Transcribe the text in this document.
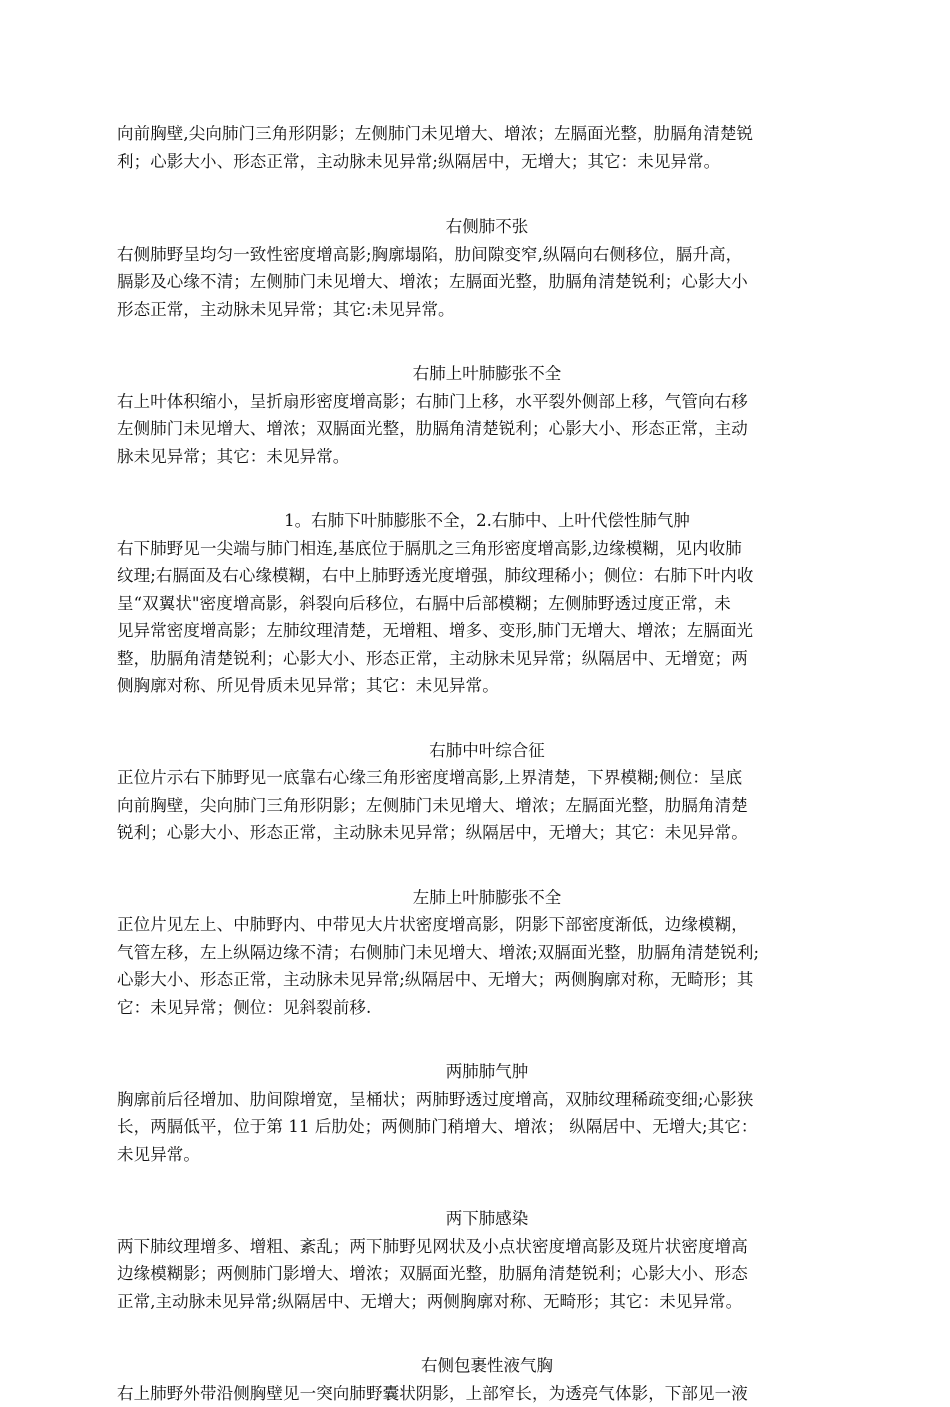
向前胸壁,尖向肺门三角形阴影；左侧肺门未见增大、增浓；左膈面光整，肋膈角清楚锐
利；心影大小、形态正常，主动脉未见异常;纵隔居中，无增大；其它：未见异常。
右侧肺不张
右侧肺野呈均匀一致性密度增高影;胸廓塌陷，肋间隙变窄,纵隔向右侧移位，膈升高，
膈影及心缘不清；左侧肺门未见增大、增浓；左膈面光整，肋膈角清楚锐利；心影大小
形态正常，主动脉未见异常；其它:未见异常。
右肺上叶肺膨张不全
右上叶体积缩小，呈折扇形密度增高影；右肺门上移，水平裂外侧部上移，气管向右移
左侧肺门未见增大、增浓；双膈面光整，肋膈角清楚锐利；心影大小、形态正常，主动
脉未见异常；其它：未见异常。
1。右肺下叶肺膨胀不全，2.右肺中、上叶代偿性肺气肿
右下肺野见一尖端与肺门相连,基底位于膈肌之三角形密度增高影,边缘模糊，见内收肺
纹理;右膈面及右心缘模糊，右中上肺野透光度增强，肺纹理稀小；侧位：右肺下叶内收
呈“双翼状"密度增高影，斜裂向后移位，右膈中后部模糊；左侧肺野透过度正常，未
见异常密度增高影；左肺纹理清楚，无增粗、增多、变形,肺门无增大、增浓；左膈面光
整，肋膈角清楚锐利；心影大小、形态正常，主动脉未见异常；纵隔居中、无增宽；两
侧胸廓对称、所见骨质未见异常；其它：未见异常。
右肺中叶综合征
正位片示右下肺野见一底靠右心缘三角形密度增高影,上界清楚，下界模糊;侧位：呈底
向前胸壁，尖向肺门三角形阴影；左侧肺门未见增大、增浓；左膈面光整，肋膈角清楚
锐利；心影大小、形态正常，主动脉未见异常；纵隔居中，无增大；其它：未见异常。
左肺上叶肺膨张不全
正位片见左上、中肺野内、中带见大片状密度增高影，阴影下部密度渐低，边缘模糊，
气管左移，左上纵隔边缘不清；右侧肺门未见增大、增浓;双膈面光整，肋膈角清楚锐利;
心影大小、形态正常，主动脉未见异常;纵隔居中、无增大；两侧胸廓对称，无畸形；其
它：未见异常；侧位：见斜裂前移.
两肺肺气肿
胸廓前后径增加、肋间隙增宽，呈桶状；两肺野透过度增高，双肺纹理稀疏变细;心影狭
长，两膈低平，位于第 11 后肋处；两侧肺门稍增大、增浓； 纵隔居中、无增大;其它：
未见异常。
两下肺感染
两下肺纹理增多、增粗、紊乱；两下肺野见网状及小点状密度增高影及斑片状密度增高
边缘模糊影；两侧肺门影增大、增浓；双膈面光整，肋膈角清楚锐利；心影大小、形态
正常,主动脉未见异常;纵隔居中、无增大；两侧胸廓对称、无畸形；其它：未见异常。
右侧包裹性液气胸
右上肺野外带沿侧胸壁见一突向肺野囊状阴影，上部窄长，为透亮气体影，下部见一液
